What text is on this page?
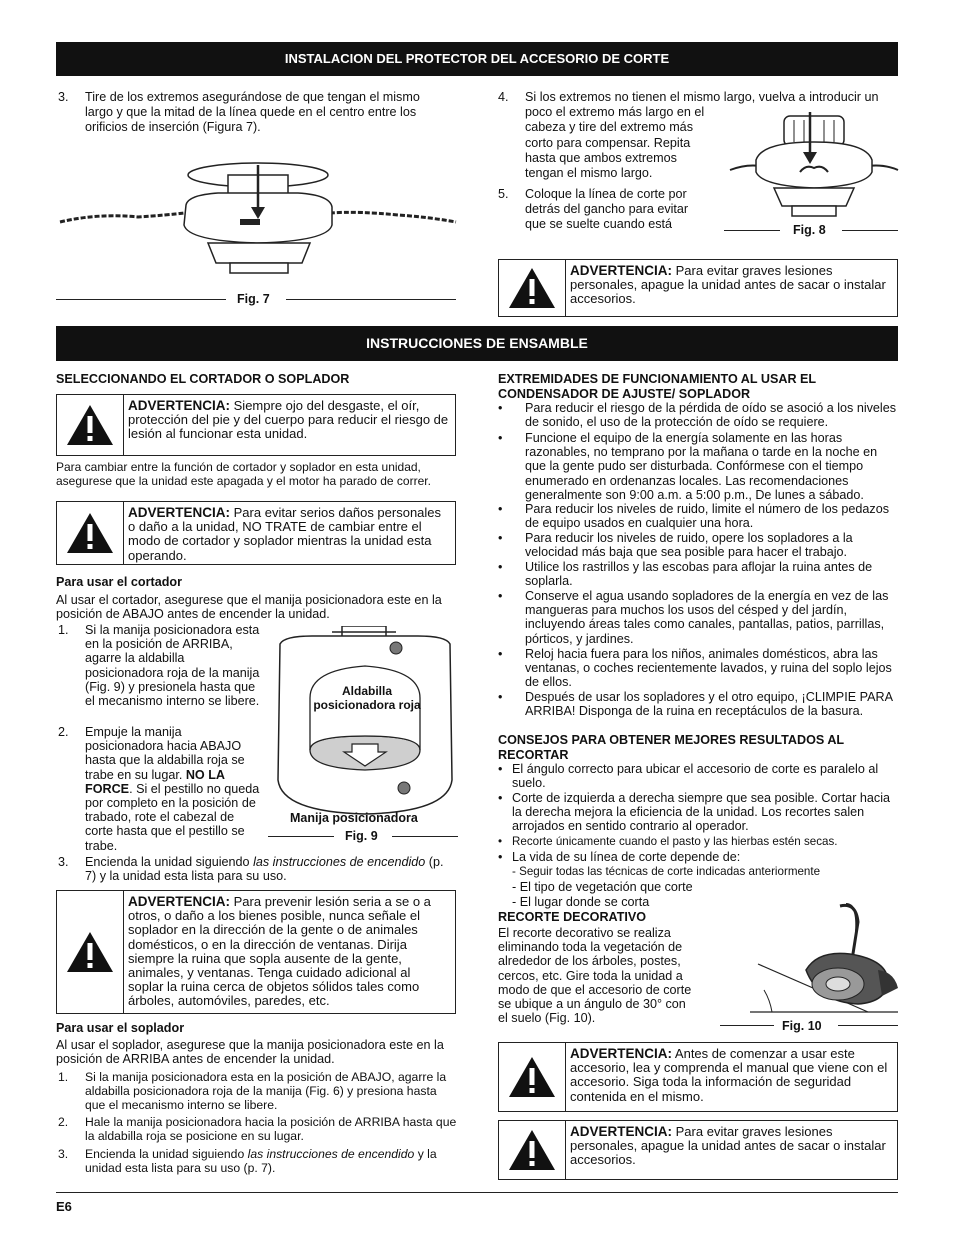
INSTALACION DEL PROTECTOR DEL ACCESORIO DE CORTE
3. Tire de los extremos asegurándose de que tengan el mismo
largo y que la mitad de la línea quede en el centro entre los
orificios de inserción (Figura 7).
Fig. 7
4. Si los extremos no tienen el mismo largo, vuelva a introducir un
poco el extremo más largo en el
cabeza y tire del extremo más
corto para compensar. Repita
hasta que ambos extremos
tengan el mismo largo.
5. Coloque la línea de corte por
detrás del gancho para evitar
que se suelte cuando está	Fig. 8
ADVERTENCIA: Para evitar graves lesiones personales, apague la unidad antes de sacar o instalar accesorios.
INSTRUCCIONES DE ENSAMBLE
SELECCIONANDO EL CORTADOR O SOPLADOR
ADVERTENCIA: Siempre ojo del desgaste, el oír, protección del pie y del cuerpo para reducir el riesgo de lesión al funcionar esta unidad.
Para cambiar entre la función de cortador y soplador en esta unidad, asegurese que la unidad este apagada y el motor ha parado de correr.
ADVERTENCIA: Para evitar serios daños personales o daño a la unidad, NO TRATE de cambiar entre el modo de cortador y soplador mientras la unidad esta operando.
Para usar el cortador
Al usar el cortador, asegurese que el manija posicionadora este en la posición de ABAJO antes de encender la unidad.
1. Si la manija posicionadora esta en la posición de ARRIBA, agarre la aldabilla posicionadora roja de la manija (Fig. 9) y presionela hasta que el mecanismo interno se libere.
2. Empuje la manija posicionadora hacia ABAJO hasta que la aldabilla roja se trabe en su lugar. NO LA FORCE. Si el pestillo no queda por completo en la posición de trabado, rote el cabezal de corte hasta que el pestillo se trabe.
3. Encienda la unidad siguiendo las instrucciones de encendido (p. 7) y la unidad esta lista para su uso.
Aldabilla
posicionadora roja
Manija posicionadora
Fig. 9
ADVERTENCIA: Para prevenir lesión seria a se o a otros, o daño a los bienes posible, nunca señale el soplador en la dirección de la gente o de animales domésticos, o en la dirección de ventanas. Dirija siempre la ruina que sopla ausente de la gente, animales, y ventanas. Tenga cuidado adicional al soplar la ruina cerca de objetos sólidos tales como árboles, automóviles, paredes, etc.
Para usar el soplador
Al usar el soplador, asegurese que la manija posicionadora este en la posición de ARRIBA antes de encender la unidad.
1. Si la manija posicionadora esta en la posición de ABAJO, agarre la aldabilla posicionadora roja de la manija (Fig. 6) y presiona hasta que el mecanismo interno se libere.
2. Hale la manija posicionadora hacia la posición de ARRIBA hasta que la aldabilla roja se posicione en su lugar.
3. Encienda la unidad siguiendo las instrucciones de encendido y la unidad esta lista para su uso (p. 7).
EXTREMIDADES DE FUNCIONAMIENTO AL USAR EL
CONDENSADOR DE AJUSTE/ SOPLADOR
• Para reducir el riesgo de la pérdida de oído se asoció a los niveles de sonido, el uso de la protección de oído se requiere.
• Funcione el equipo de la energía solamente en las horas razonables, no temprano por la mañana o tarde en la noche en que la gente pudo ser disturbada. Confórmese con el tiempo enumerado en ordenanzas locales. Las recomendaciones generalmente son 9:00 a.m. a 5:00 p.m., De lunes a sábado.
• Para reducir los niveles de ruido, limite el número de los pedazos de equipo usados en cualquier una hora.
• Para reducir los niveles de ruido, opere los sopladores a la velocidad más baja que sea posible para hacer el trabajo.
• Utilice los rastrillos y las escobas para aflojar la ruina antes de soplarla.
• Conserve el agua usando sopladores de la energía en vez de las mangueras para muchos los usos del césped y del jardín, incluyendo áreas tales como canales, pantallas, patios, parrillas, pórticos, y jardines.
• Reloj hacia fuera para los niños, animales domésticos, abra las ventanas, o coches recientemente lavados, y ruina del soplo lejos de ellos.
• Después de usar los sopladores y el otro equipo, ¡CLIMPIE PARA ARRIBA! Disponga de la ruina en receptáculos de la basura.
CONSEJOS PARA OBTENER MEJORES RESULTADOS AL
RECORTAR
• El ángulo correcto para ubicar el accesorio de corte es paralelo al suelo.
• Corte de izquierda a derecha siempre que sea posible. Cortar hacia la derecha mejora la eficiencia de la unidad. Los recortes salen arrojados en sentido contrario al operador.
• Recorte únicamente cuando el pasto y las hierbas estén secas.
• La vida de su línea de corte depende de:
- Seguir todas las técnicas de corte indicadas anteriormente
- El tipo de vegetación que corte
- El lugar donde se corta
RECORTE DECORATIVO
El recorte decorativo se realiza
eliminando toda la vegetación de
alrededor de los árboles, postes,
cercos, etc. Gire toda la unidad a
modo de que el accesorio de corte
se ubique a un ángulo de 30° con
el suelo (Fig. 10).
Fig. 10
ADVERTENCIA: Antes de comenzar a usar este accesorio, lea y comprenda el manual que viene con el accesorio. Siga toda la información de seguridad contenida en el mismo.
ADVERTENCIA: Para evitar graves lesiones personales, apague la unidad antes de sacar o instalar accesorios.
E6
